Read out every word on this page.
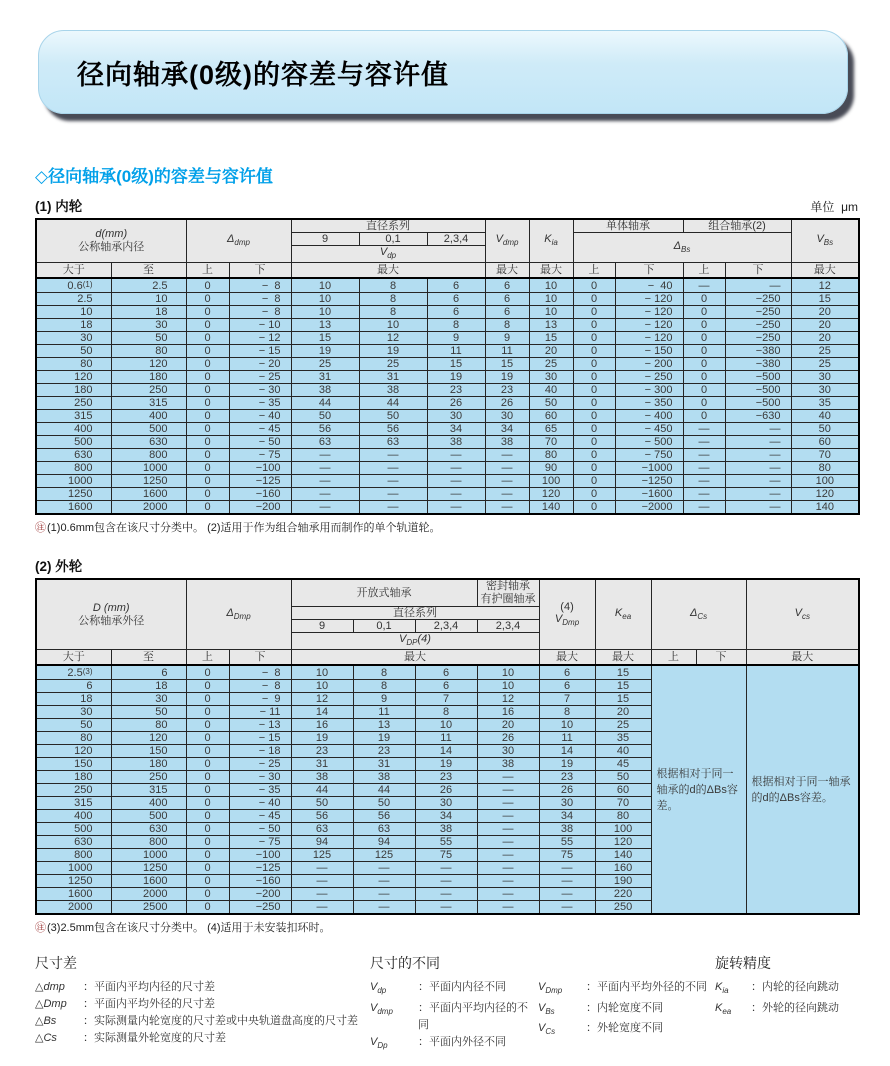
径向轴承(0级)的容差与容许值
◇径向轴承(0级)的容差与容许值
(1) 内轮	单位  μm
d(mm)
公称轴承内径		$\Delta_{dmp}$		直径系列			$V_{dmp}$	$K_{ia}$	单体轴承		组合轴承(2)		$V_{Bs}$
				9	0,1	2,3,4			$\Delta_{Bs}$
				$V_{dp}$
大于	至	上	下	最大			最大	最大	上	下	上	下	最大
0.6(1)	2.5	0	−  8	10	8	6	6	10	0	−  40	—	—	12
2.5	10	0	−  8	10	8	6	6	10	0	− 120	0	−250	15
10	18	0	−  8	10	8	6	6	10	0	− 120	0	−250	20
18	30	0	− 10	13	10	8	8	13	0	− 120	0	−250	20
30	50	0	− 12	15	12	9	9	15	0	− 120	0	−250	20
50	80	0	− 15	19	19	11	11	20	0	− 150	0	−380	25
80	120	0	− 20	25	25	15	15	25	0	− 200	0	−380	25
120	180	0	− 25	31	31	19	19	30	0	− 250	0	−500	30
180	250	0	− 30	38	38	23	23	40	0	− 300	0	−500	30
250	315	0	− 35	44	44	26	26	50	0	− 350	0	−500	35
315	400	0	− 40	50	50	30	30	60	0	− 400	0	−630	40
400	500	0	− 45	56	56	34	34	65	0	− 450	—	—	50
500	630	0	− 50	63	63	38	38	70	0	− 500	—	—	60
630	800	0	− 75	—	—	—	—	80	0	− 750	—	—	70
800	1000	0	−100	—	—	—	—	90	0	−1000	—	—	80
1000	1250	0	−125	—	—	—	—	100	0	−1250	—	—	100
1250	1600	0	−160	—	—	—	—	120	0	−1600	—	—	120
1600	2000	0	−200	—	—	—	—	140	0	−2000	—	—	140

㊟(1)0.6mm包含在该尺寸分类中。 (2)适用于作为组合轴承用而制作的单个轨道轮。

(2) 外轮
D (mm)
公称轴承外径		$\Delta_{Dmp}$		开放式轴承			密封轴承
有护圈轴承	(4)
$V_{Dmp}$	$K_{ea}$	$\Delta_{Cs}$		$V_{cs}$
				直径系列								
				9	0,1	2,3,4	2,3,4					
				$V_{DP}(4)$								
大于	至	上	下	最大				最大	最大	上	下	最大
2.5(3)	6	0	−  8	10	8	6	10	6	15	根据相对于同一轴承的d的ΔBs容差。		根据相对于同一轴承的d的ΔBs容差。
6	18	0	−  8	10	8	6	10	6	15			
18	30	0	−  9	12	9	7	12	7	15			
30	50	0	− 11	14	11	8	16	8	20			
50	80	0	− 13	16	13	10	20	10	25			
80	120	0	− 15	19	19	11	26	11	35			
120	150	0	− 18	23	23	14	30	14	40			
150	180	0	− 25	31	31	19	38	19	45			
180	250	0	− 30	38	38	23	—	23	50			
250	315	0	− 35	44	44	26	—	26	60			
315	400	0	− 40	50	50	30	—	30	70			
400	500	0	− 45	56	56	34	—	34	80			
500	630	0	− 50	63	63	38	—	38	100			
630	800	0	− 75	94	94	55	—	55	120			
800	1000	0	−100	125	125	75	—	75	140			
1000	1250	0	−125	—	—	—	—	—	160			
1250	1600	0	−160	—	—	—	—	—	190			
1600	2000	0	−200	—	—	—	—	—	220			
2000	2500	0	−250	—	—	—	—	—	250			

㊟(3)2.5mm包含在该尺寸分类中。 (4)适用于未安装扣环时。

尺寸差
△dmp	：平面内平均内径的尺寸差
△Dmp	：平面内平均外径的尺寸差
△Bs	：实际测量内轮宽度的尺寸差或中央轨道盘高度的尺寸差
△Cs	：实际测量外轮宽度的尺寸差
尺寸的不同
$V_{dp}$	：平面内内径不同
$V_{dmp}$	：平面内平均内径的不同
$V_{Dp}$	：平面内外径不同
$V_{Dmp}$	：平面内平均外径的不同
$V_{Bs}$	：内轮宽度不同
$V_{Cs}$	：外轮宽度不同
旋转精度
$K_{ia}$	：内轮的径向跳动
$K_{ea}$	：外轮的径向跳动
